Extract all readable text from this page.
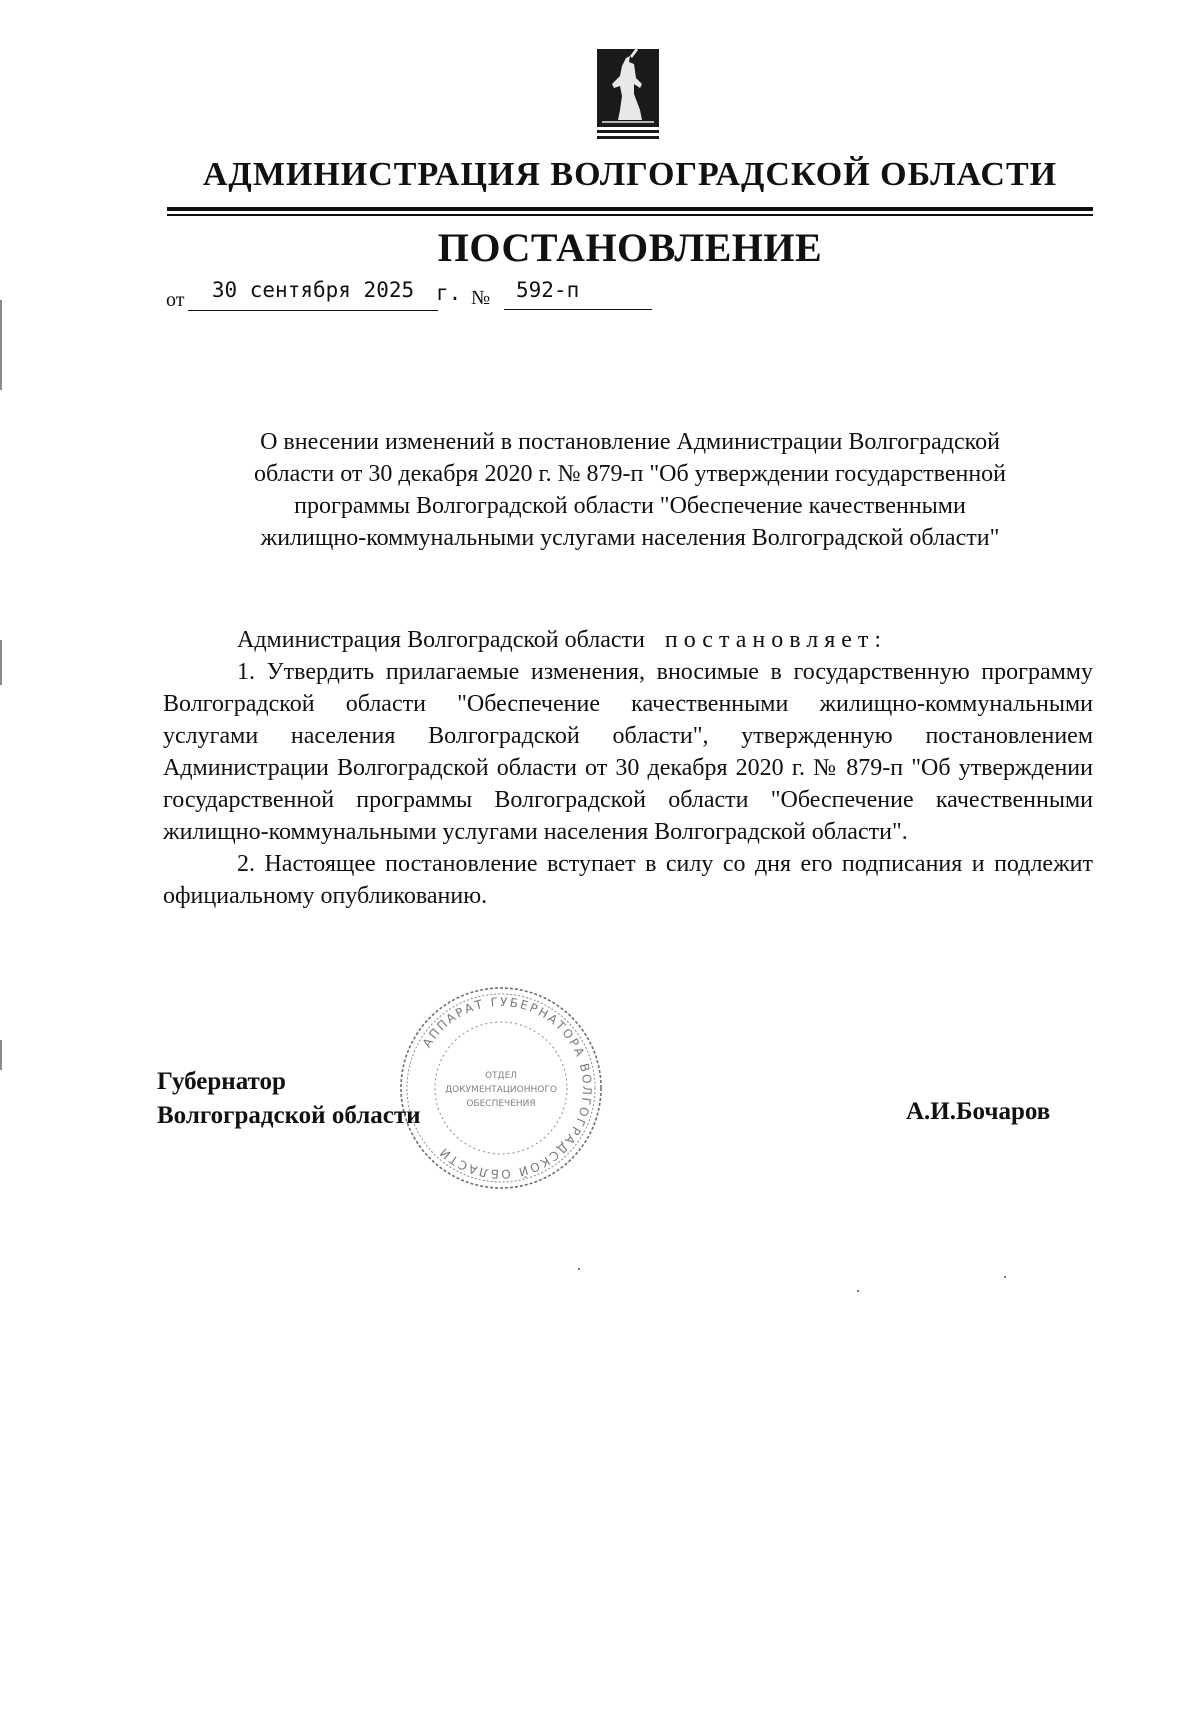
АДМИНИСТРАЦИЯ ВОЛГОГРАДСКОЙ ОБЛАСТИ
ПОСТАНОВЛЕНИЕ
от	30 сентября 2025	г. №	592-п
О внесении изменений в постановление Администрации Волгоградской
области от 30 декабря 2020 г. № 879-п "Об утверждении государственной
программы Волгоградской области "Обеспечение качественными
жилищно-коммунальными услугами населения Волгоградской области"
Администрация Волгоградской области постановляет:

1. Утвердить прилагаемые изменения, вносимые в государственную программу Волгоградской области "Обеспечение качественными жилищно-коммунальными услугами населения Волгоградской области", утвержденную постановлением Администрации Волгоградской области от 30 декабря 2020 г. № 879-п "Об утверждении государственной программы Волгоградской области "Обеспечение качественными жилищно-коммунальными услугами населения Волгоградской области".

2. Настоящее постановление вступает в силу со дня его подписания и подлежит официальному опубликованию.

АППАРАТ ГУБЕРНАТОРА ВОЛГОГРАДСКОЙ ОБЛАСТИ
ОТДЕЛ
ДОКУМЕНТАЦИОННОГО
ОБЕСПЕЧЕНИЯ
Губернатор
Волгоградской области	А.И.Бочаров
